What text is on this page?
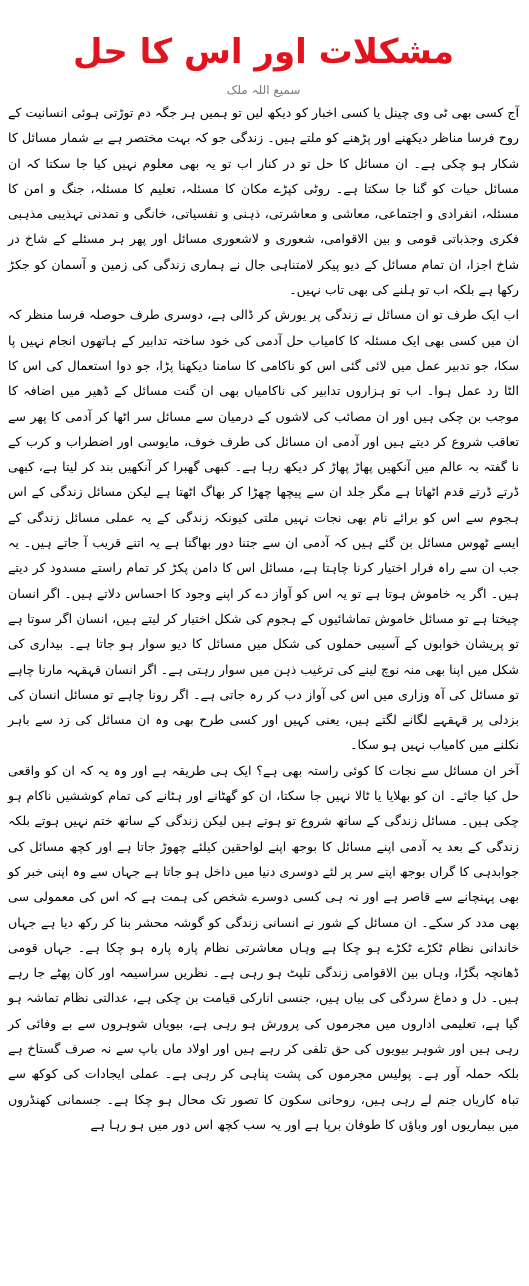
مشکلات اور اس کا حل
سمیع اللہ ملک

آج کسی بھی ٹی وی چینل یا کسی اخبار کو دیکھ لیں تو ہمیں ہر جگہ دم توڑتی ہوئی انسانیت کے روح فرسا مناظر دیکھنے اور پڑھنے کو ملتے ہیں۔ زندگی جو کہ بہت مختصر ہے بے شمار مسائل کا شکار ہو چکی ہے۔ ان مسائل کا حل تو در کنار اب تو یہ بھی معلوم نہیں کیا جا سکتا کہ ان مسائل حیات کو گنا جا سکتا ہے۔ روٹی کپڑے مکان کا مسئلہ، تعلیم کا مسئلہ، جنگ و امن کا مسئلہ، انفرادی و اجتماعی، معاشی و معاشرتی، ذہنی و نفسیاتی، خانگی و تمدنی تہذیبی مذہبی فکری وجذباتی قومی و بین الاقوامی، شعوری و لاشعوری مسائل اور پھر ہر مسئلے کے شاخ در شاخ اجزا، ان تمام مسائل کے دیو پیکر لامتناہی جال نے ہماری زندگی کی زمین و آسمان کو جکڑ رکھا ہے بلکہ اب تو ہلنے کی بھی تاب نہیں۔

اب ایک طرف تو ان مسائل نے زندگی پر یورش کر ڈالی ہے، دوسری طرف حوصلہ فرسا منظر کہ ان میں کسی بھی ایک مسئلہ کا کامیاب حل آدمی کی خود ساختہ تدابیر کے ہاتھوں انجام نہیں پا سکا، جو تدبیر عمل میں لائی گئی اس کو ناکامی کا سامنا دیکھنا پڑا، جو دوا استعمال کی اس کا الٹا رد عمل ہوا۔ اب تو ہزاروں تدابیر کی ناکامیاں بھی ان گنت مسائل کے ڈھیر میں اضافہ کا موجب بن چکی ہیں اور ان مصائب کی لاشوں کے درمیان سے مسائل سر اٹھا کر آدمی کا پھر سے تعاقب شروع کر دیتے ہیں اور آدمی ان مسائل کی طرف خوف، مایوسی اور اضطراب و کرب کے نا گفتہ بہ عالم میں آنکھیں پھاڑ پھاڑ کر دیکھ رہا ہے۔ کبھی گھبرا کر آنکھیں بند کر لیتا ہے، کبھی ڈرتے ڈرتے قدم اٹھاتا ہے مگر جلد ان سے پیچھا چھڑا کر بھاگ اٹھتا ہے لیکن مسائل زندگی کے اس ہجوم سے اس کو برائے نام بھی نجات نہیں ملتی کیونکہ زندگی کے یہ عملی مسائل زندگی کے ایسے ٹھوس مسائل بن گئے ہیں کہ آدمی ان سے جتنا دور بھاگتا ہے یہ اتنے قریب آ جاتے ہیں۔ یہ جب ان سے راہ فرار اختیار کرنا چاہتا ہے، مسائل اس کا دامن پکڑ کر تمام راستے مسدود کر دیتے ہیں۔ اگر یہ خاموش ہوتا ہے تو یہ اس کو آواز دے کر اپنے وجود کا احساس دلاتے ہیں۔ اگر انسان چیختا ہے تو مسائل خاموش تماشائیوں کے ہجوم کی شکل اختیار کر لیتے ہیں، انسان اگر سوتا ہے تو پریشان خوابوں کے آسیبی حملوں کی شکل میں مسائل کا دیو سوار ہو جاتا ہے۔ بیداری کی شکل میں اپنا بھی منہ نوچ لینے کی ترغیب ذہن میں سوار رہتی ہے۔ اگر انسان قہقہہ مارنا چاہے تو مسائل کی آہ وزاری میں اس کی آواز دب کر رہ جاتی ہے۔ اگر رونا چاہے تو مسائل انسان کی بزدلی پر قہقہے لگانے لگتے ہیں، یعنی کہیں اور کسی طرح بھی وہ ان مسائل کی زد سے باہر نکلنے میں کامیاب نہیں ہو سکا۔

آخر ان مسائل سے نجات کا کوئی راستہ بھی ہے؟ ایک ہی طریقہ ہے اور وہ یہ کہ ان کو واقعی حل کیا جائے۔ ان کو بھلایا یا ٹالا نہیں جا سکتا، ان کو گھٹانے اور ہٹانے کی تمام کوششیں ناکام ہو چکی ہیں۔ مسائل زندگی کے ساتھ شروع تو ہوتے ہیں لیکن زندگی کے ساتھ ختم نہیں ہوتے بلکہ زندگی کے بعد یہ آدمی اپنے مسائل کا بوجھ اپنے لواحقین کیلئے چھوڑ جاتا ہے اور کچھ مسائل کی جوابدہی کا گراں بوجھ اپنے سر پر لئے دوسری دنیا میں داخل ہو جاتا ہے جہاں سے وہ اپنی خبر کو بھی پہنچانے سے قاصر ہے اور نہ ہی کسی دوسرے شخص کی ہمت ہے کہ اس کی معمولی سی بھی مدد کر سکے۔ ان مسائل کے شور نے انسانی زندگی کو گوشہ محشر بنا کر رکھ دیا ہے جہاں خاندانی نظام ٹکڑے ٹکڑے ہو چکا ہے وہاں معاشرتی نظام پارہ پارہ ہو چکا ہے۔ جہاں قومی ڈھانچہ بگڑا، وہاں بین الاقوامی زندگی تلپٹ ہو رہی ہے۔ نظریں سراسیمہ اور کان پھٹے جا رہے ہیں۔ دل و دماغ سردگی کی بیاں ہیں، جنسی انارکی قیامت بن چکی ہے، عدالتی نظام تماشہ ہو گیا ہے، تعلیمی اداروں میں مجرموں کی پرورش ہو رہی ہے، بیویاں شوہروں سے بے وفائی کر رہی ہیں اور شوہر بیویوں کی حق تلفی کر رہے ہیں اور اولاد ماں باپ سے نہ صرف گستاخ ہے بلکہ حملہ آور ہے۔ پولیس مجرموں کی پشت پناہی کر رہی ہے۔ عملی ایجادات کی کوکھ سے تباہ کاریاں جنم لے رہی ہیں، روحانی سکون کا تصور تک محال ہو چکا ہے۔ جسمانی کھنڈروں میں بیماریوں اور وباؤں کا طوفان برپا ہے اور یہ سب کچھ اس دور میں ہو رہا ہے
